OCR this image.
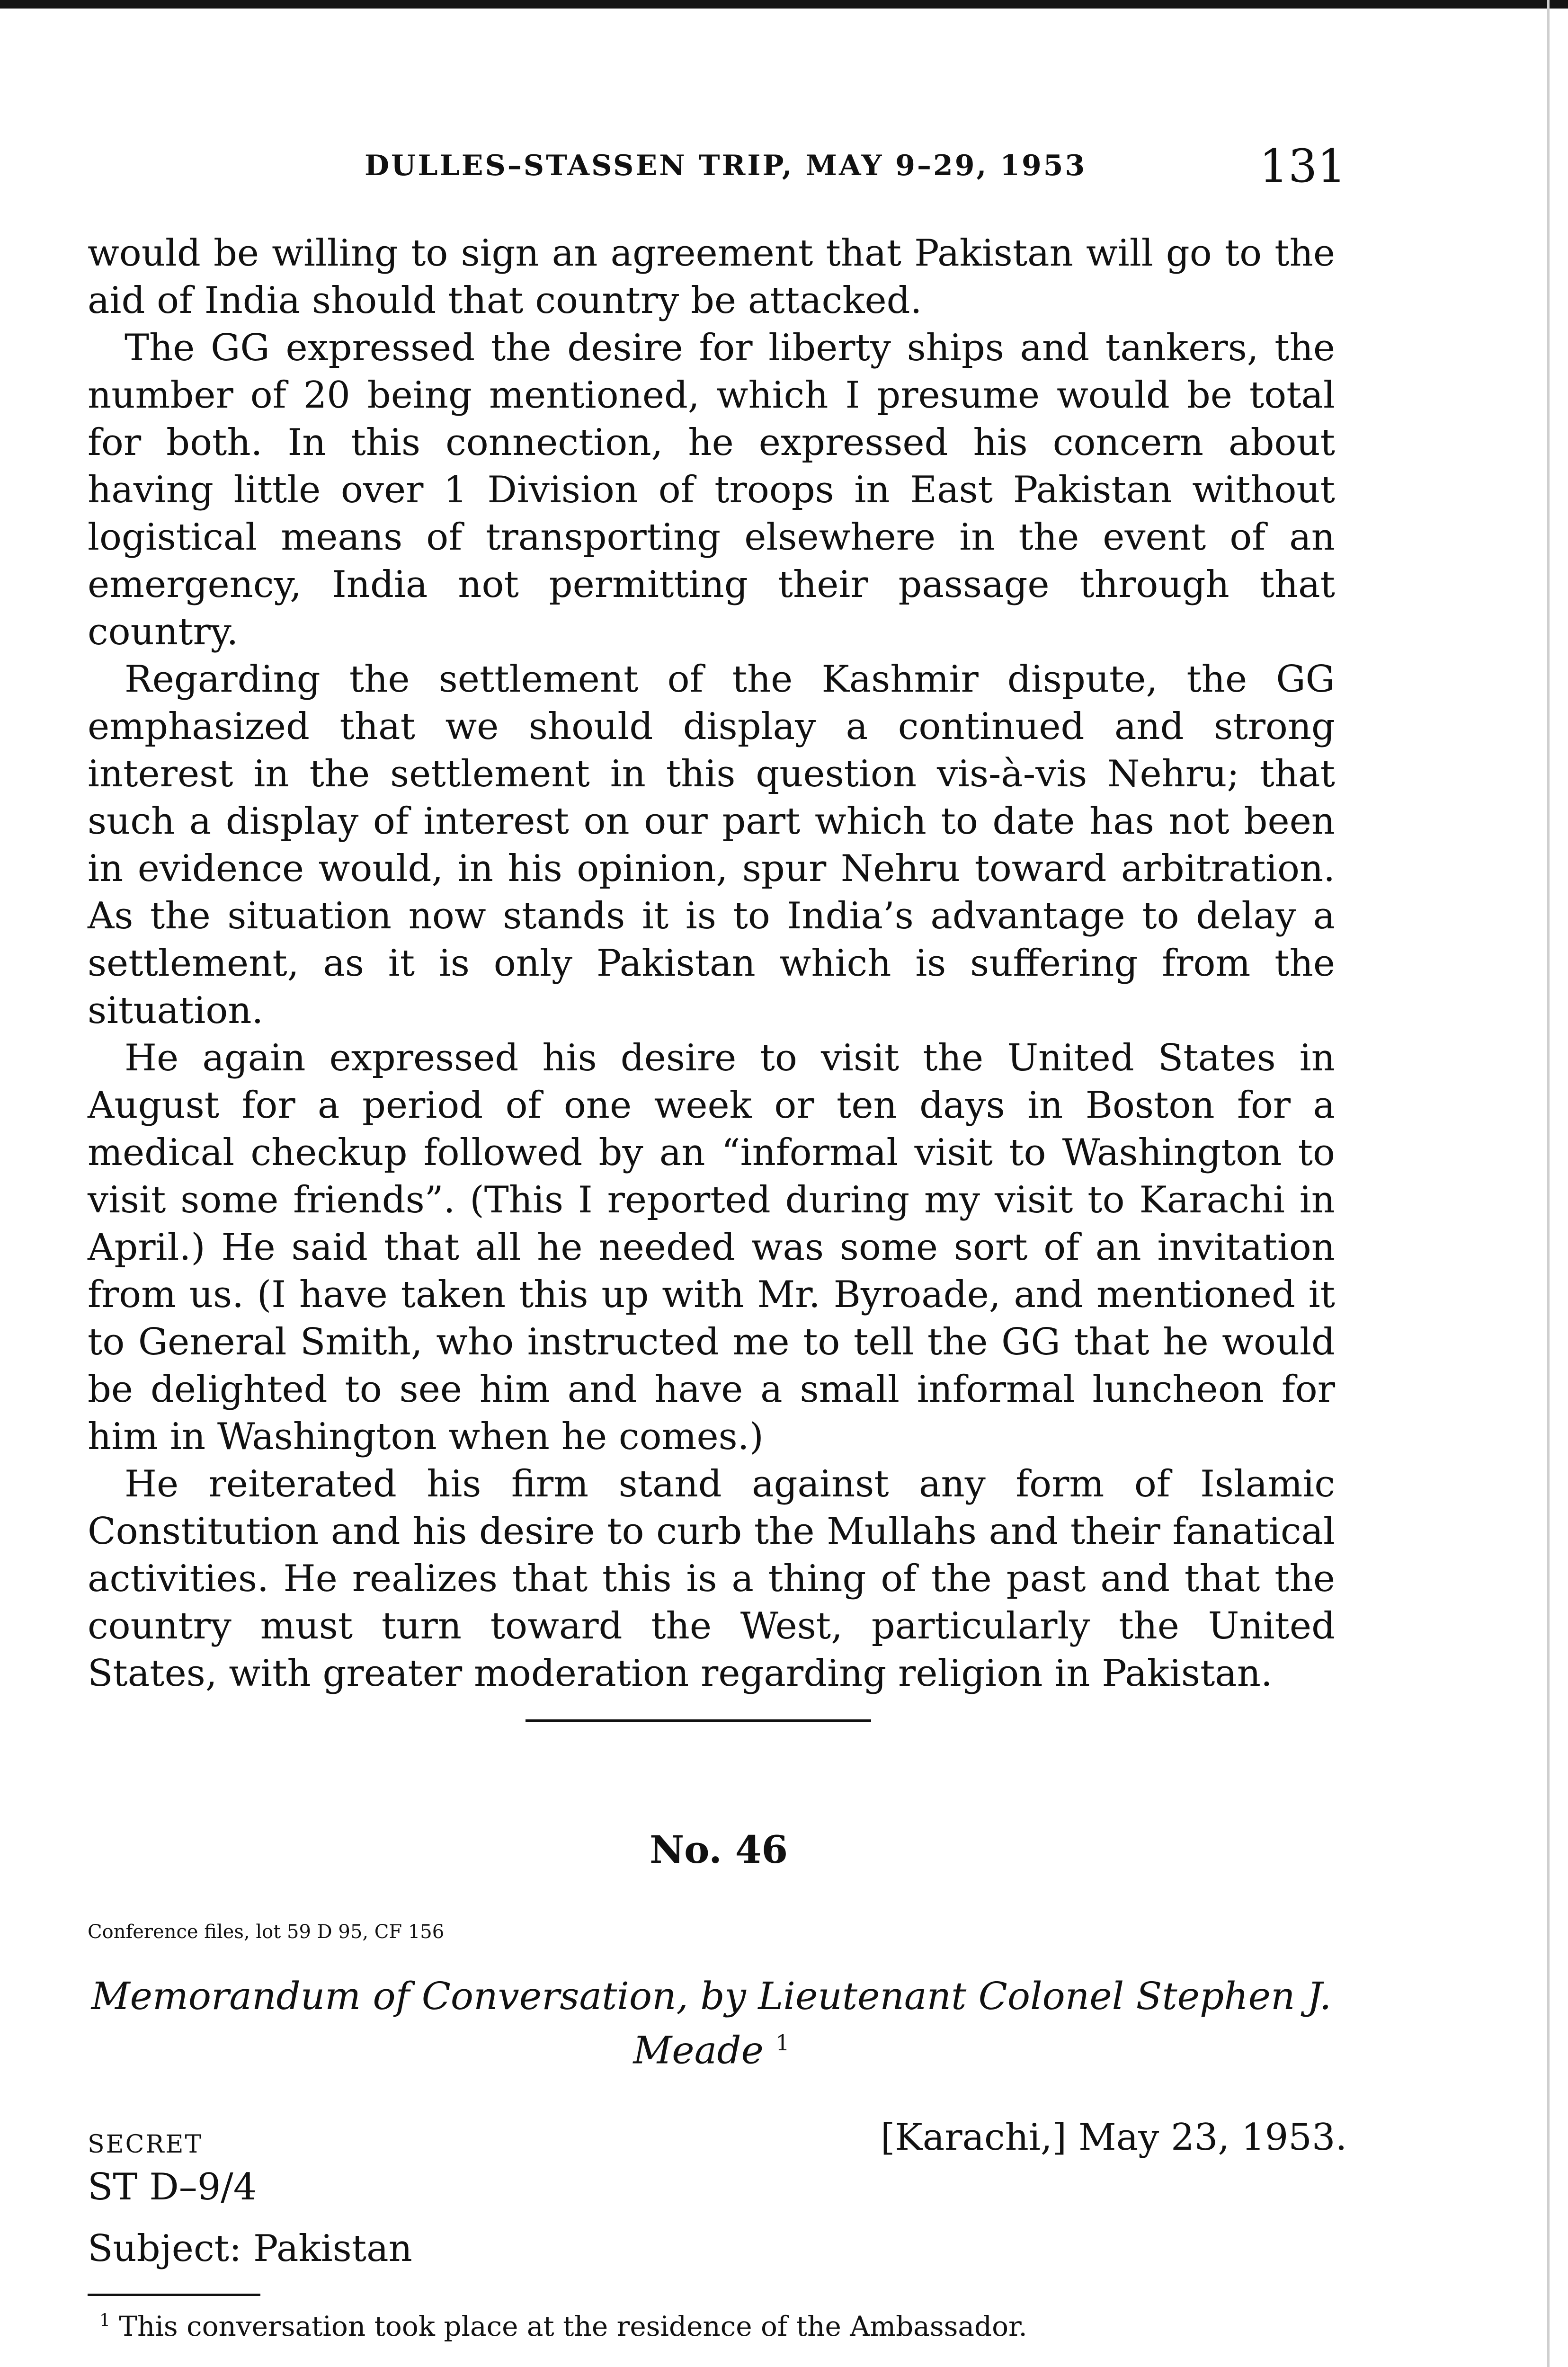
DULLES–STASSEN TRIP, MAY 9–29, 1953	131

would be willing to sign an agreement that Pakistan will go to the aid of India should that country be attacked.

The GG expressed the desire for liberty ships and tankers, the number of 20 being mentioned, which I presume would be total for both. In this connection, he expressed his concern about having little over 1 Division of troops in East Pakistan without logistical means of transporting elsewhere in the event of an emergency, India not permitting their passage through that country.

Regarding the settlement of the Kashmir dispute, the GG emphasized that we should display a continued and strong interest in the settlement in this question vis-à-vis Nehru; that such a display of interest on our part which to date has not been in evidence would, in his opinion, spur Nehru toward arbitration. As the situation now stands it is to India’s advantage to delay a settlement, as it is only Pakistan which is suffering from the situation.

He again expressed his desire to visit the United States in August for a period of one week or ten days in Boston for a medical checkup followed by an “informal visit to Washington to visit some friends”. (This I reported during my visit to Karachi in April.) He said that all he needed was some sort of an invitation from us. (I have taken this up with Mr. Byroade, and mentioned it to General Smith, who instructed me to tell the GG that he would be delighted to see him and have a small informal luncheon for him in Washington when he comes.)

He reiterated his firm stand against any form of Islamic Constitution and his desire to curb the Mullahs and their fanatical activities. He realizes that this is a thing of the past and that the country must turn toward the West, particularly the United States, with greater moderation regarding religion in Pakistan.

No. 46
Conference files, lot 59 D 95, CF 156
Memorandum of Conversation, by Lieutenant Colonel Stephen J. Meade $^1$
SECRET	[Karachi,] May 23, 1953.
ST D–9/4
Subject: Pakistan
$^1$ This conversation took place at the residence of the Ambassador.
